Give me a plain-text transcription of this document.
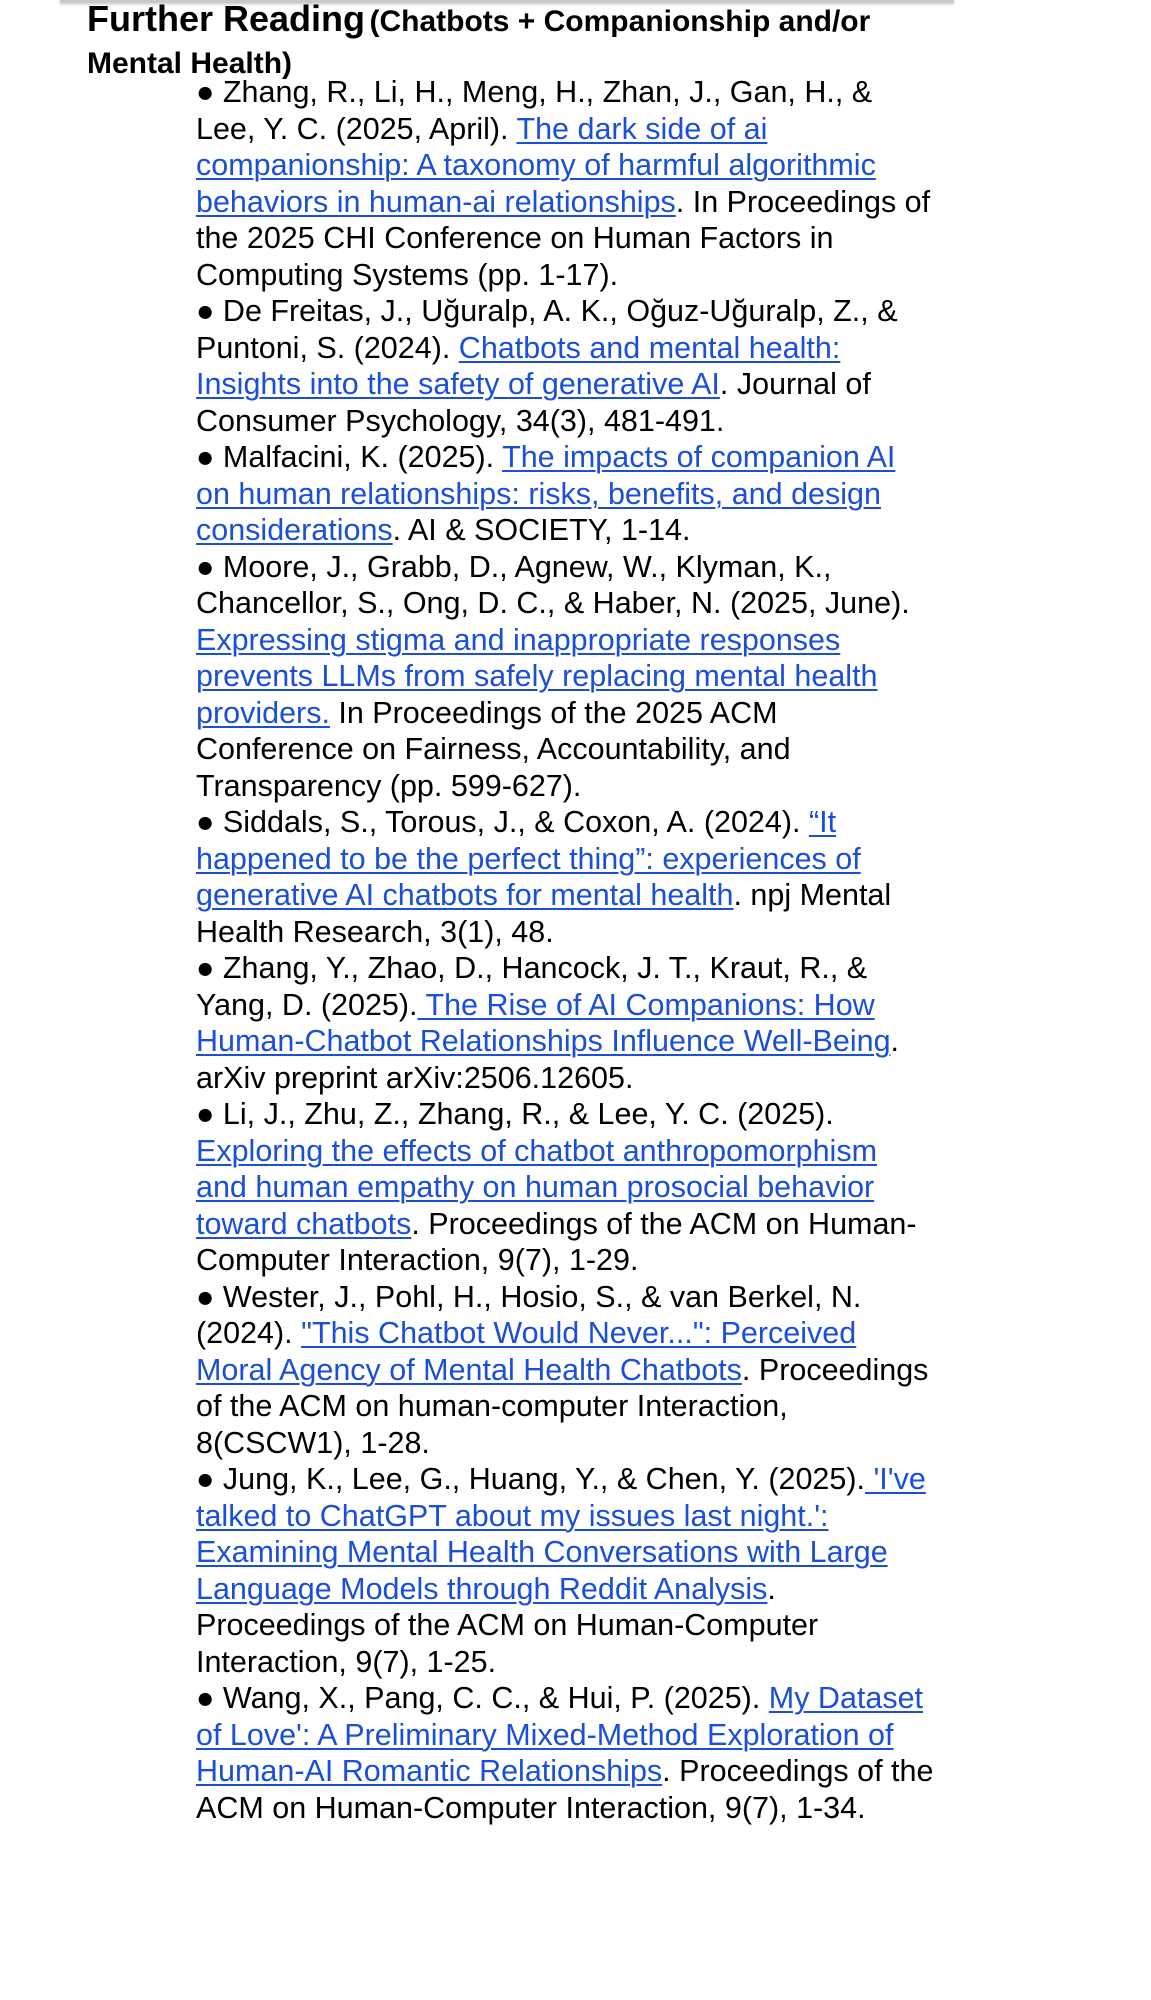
Further Reading (Chatbots + Companionship and/or Mental Health)
● Zhang, R., Li, H., Meng, H., Zhan, J., Gan, H., & Lee, Y. C. (2025, April). The dark side of ai companionship: A taxonomy of harmful algorithmic behaviors in human-ai relationships. In Proceedings of the 2025 CHI Conference on Human Factors in Computing Systems (pp. 1-17).
● De Freitas, J., Uğuralp, A. K., Oğuz‐Uğuralp, Z., & Puntoni, S. (2024). Chatbots and mental health: Insights into the safety of generative AI. Journal of Consumer Psychology, 34(3), 481-491.
● Malfacini, K. (2025). The impacts of companion AI on human relationships: risks, benefits, and design considerations. AI & SOCIETY, 1-14.
● Moore, J., Grabb, D., Agnew, W., Klyman, K., Chancellor, S., Ong, D. C., & Haber, N. (2025, June). Expressing stigma and inappropriate responses prevents LLMs from safely replacing mental health providers. In Proceedings of the 2025 ACM Conference on Fairness, Accountability, and Transparency (pp. 599-627).
● Siddals, S., Torous, J., & Coxon, A. (2024). “It happened to be the perfect thing”: experiences of generative AI chatbots for mental health. npj Mental Health Research, 3(1), 48.
● Zhang, Y., Zhao, D., Hancock, J. T., Kraut, R., & Yang, D. (2025). The Rise of AI Companions: How Human-Chatbot Relationships Influence Well-Being. arXiv preprint arXiv:2506.12605.
● Li, J., Zhu, Z., Zhang, R., & Lee, Y. C. (2025). Exploring the effects of chatbot anthropomorphism and human empathy on human prosocial behavior toward chatbots. Proceedings of the ACM on Human-Computer Interaction, 9(7), 1-29.
● Wester, J., Pohl, H., Hosio, S., & van Berkel, N. (2024). "This Chatbot Would Never...": Perceived Moral Agency of Mental Health Chatbots. Proceedings of the ACM on human-computer Interaction, 8(CSCW1), 1-28.
● Jung, K., Lee, G., Huang, Y., & Chen, Y. (2025). 'I've talked to ChatGPT about my issues last night.': Examining Mental Health Conversations with Large Language Models through Reddit Analysis. Proceedings of the ACM on Human-Computer Interaction, 9(7), 1-25.
● Wang, X., Pang, C. C., & Hui, P. (2025). My Dataset of Love': A Preliminary Mixed-Method Exploration of Human-AI Romantic Relationships. Proceedings of the ACM on Human-Computer Interaction, 9(7), 1-34.
